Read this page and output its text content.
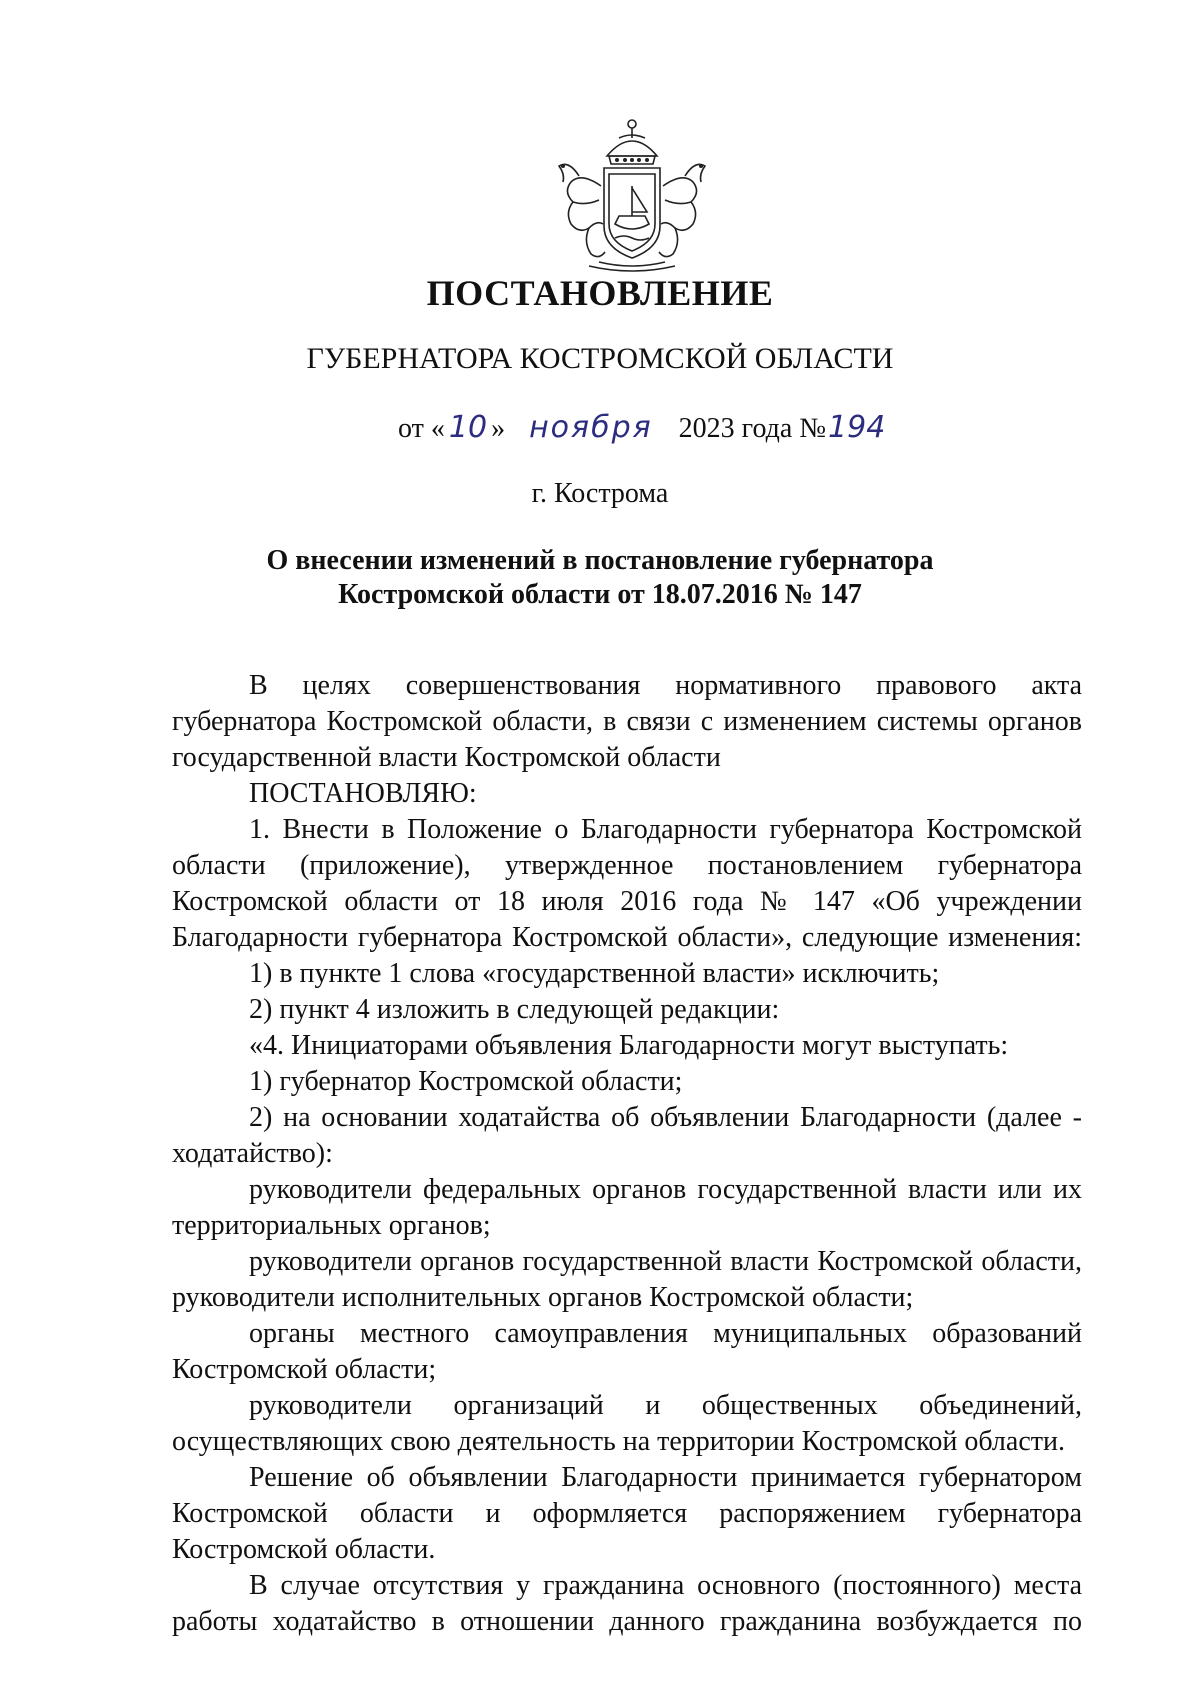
ПОСТАНОВЛЕНИЕ
ГУБЕРНАТОРА КОСТРОМСКОЙ ОБЛАСТИ
от « 10 » ноября 2023 года №194
г. Кострома
О внесении изменений в постановление губернатора
Костромской области от 18.07.2016 № 147

В целях совершенствования нормативного правового акта

губернатора Костромской области, в связи с изменением системы органов

государственной власти Костромской области

ПОСТАНОВЛЯЮ:

1. Внести в Положение о Благодарности губернатора Костромской

области (приложение), утвержденное постановлением губернатора

Костромской области от 18 июля 2016 года № 147 «Об учреждении

Благодарности губернатора Костромской области», следующие изменения:

1) в пункте 1 слова «государственной власти» исключить;

2) пункт 4 изложить в следующей редакции:

«4. Инициаторами объявления Благодарности могут выступать:

1) губернатор Костромской области;

2) на основании ходатайства об объявлении Благодарности (далее -

ходатайство):

руководители федеральных органов государственной власти или их

территориальных органов;

руководители органов государственной власти Костромской области,

руководители исполнительных органов Костромской области;

органы местного самоуправления муниципальных образований

Костромской области;

руководители организаций и общественных объединений,

осуществляющих свою деятельность на территории Костромской области.

Решение об объявлении Благодарности принимается губернатором

Костромской области и оформляется распоряжением губернатора

Костромской области.

В случае отсутствия у гражданина основного (постоянного) места

работы ходатайство в отношении данного гражданина возбуждается по
